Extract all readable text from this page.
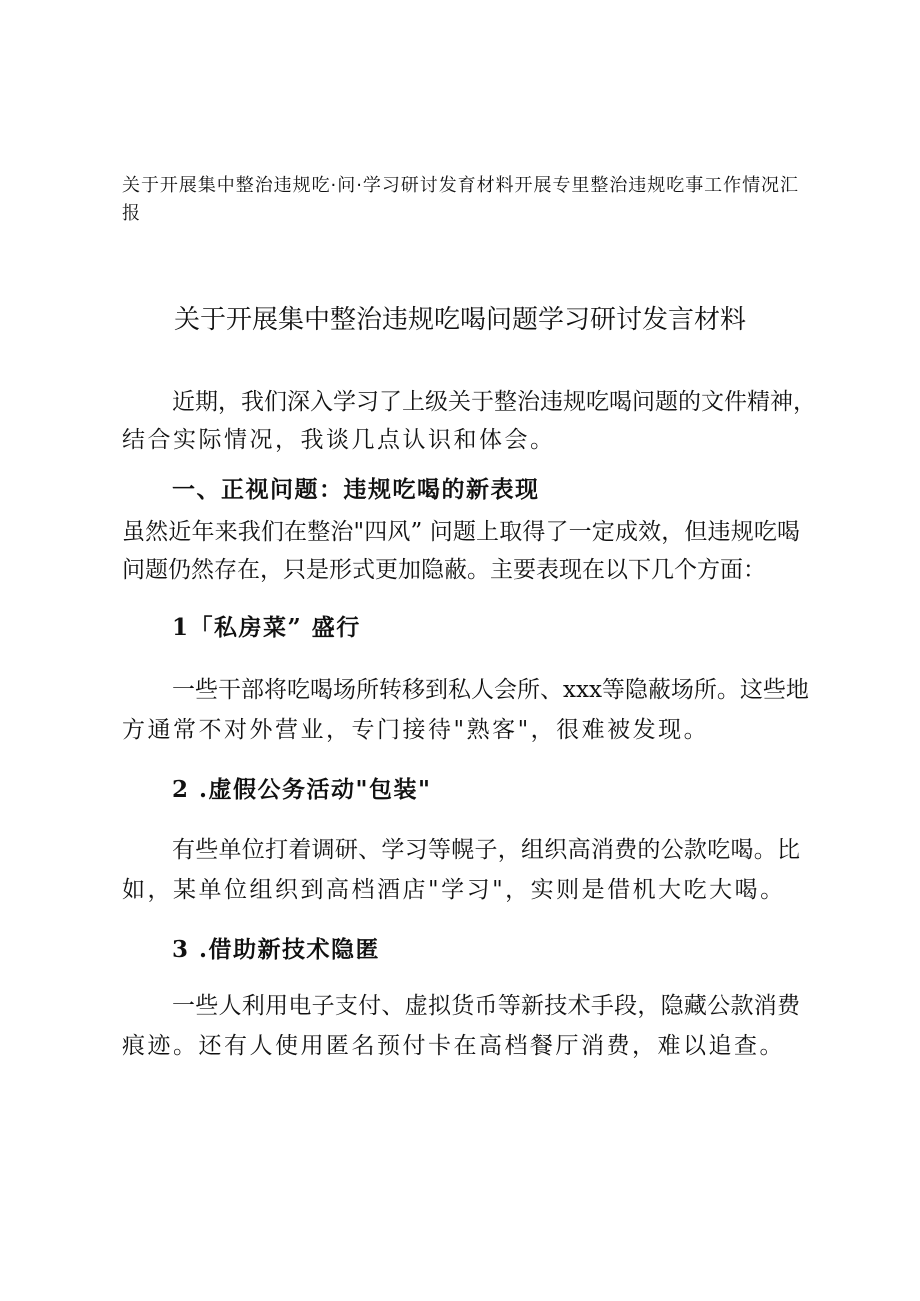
关于开展集中整治违规吃·问·学习研讨发育材料开展专里整治违规吃事工作情况汇
报
关于开展集中整治违规吃喝问题学习研讨发言材料
近期，我们深入学习了上级关于整治违规吃喝问题的文件精神，
结合实际情况，我谈几点认识和体会。
一、正视问题：违规吃喝的新表现
虽然近年来我们在整治"四风” 问题上取得了一定成效，但违规吃喝
问题仍然存在，只是形式更加隐蔽。主要表现在以下几个方面：
1「私房菜” 盛行
一些干部将吃喝场所转移到私人会所、xxx等隐蔽场所。这些地
方通常不对外营业，专门接待"熟客"，很难被发现。
2 .虚假公务活动"包装"
有些单位打着调研、学习等幌子，组织高消费的公款吃喝。比
如，某单位组织到高档酒店"学习"，实则是借机大吃大喝。
3 .借助新技术隐匿
一些人利用电子支付、虚拟货币等新技术手段，隐藏公款消费
痕迹。还有人使用匿名预付卡在高档餐厅消费，难以追查。
